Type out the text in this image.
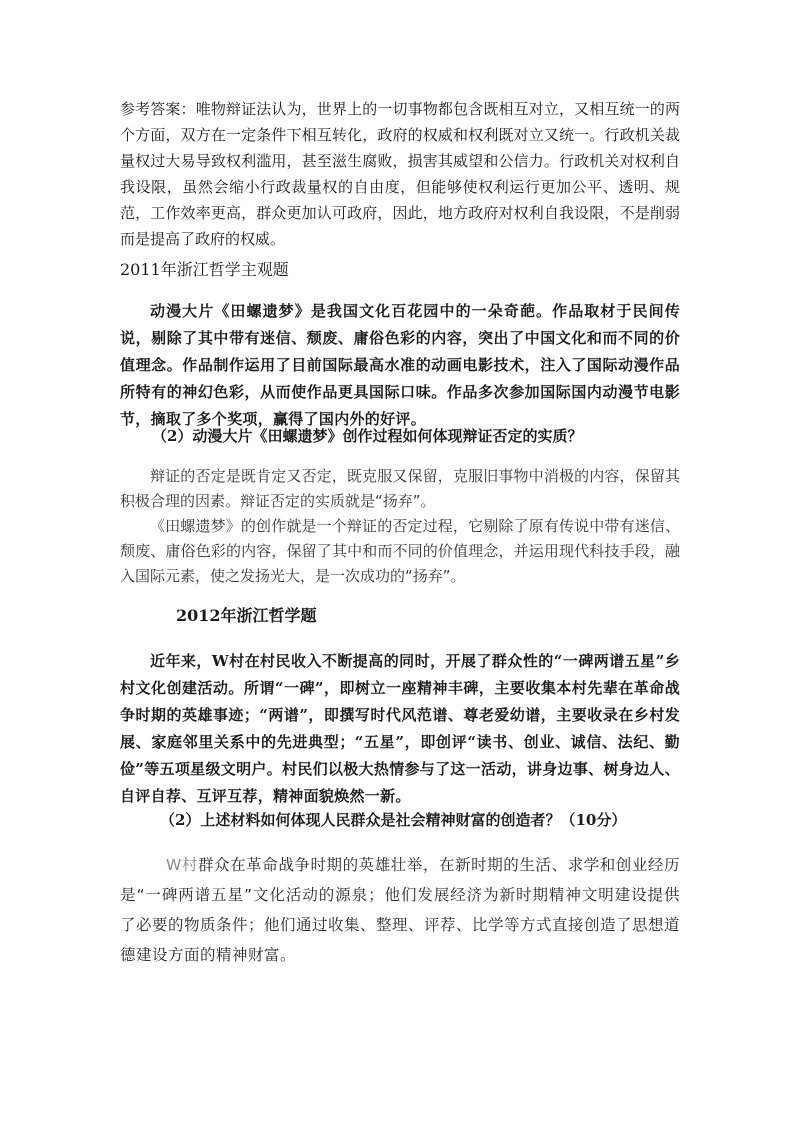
参考答案：唯物辩证法认为，世界上的一切事物都包含既相互对立，又相互统一的两个方面，双方在一定条件下相互转化，政府的权威和权利既对立又统一。行政机关裁量权过大易导致权利滥用，甚至滋生腐败，损害其威望和公信力。行政机关对权利自我设限，虽然会缩小行政裁量权的自由度，但能够使权利运行更加公平、透明、规范，工作效率更高，群众更加认可政府，因此，地方政府对权利自我设限，不是削弱而是提高了政府的权威。

2011年浙江哲学主观题

动漫大片《田螺遗梦》是我国文化百花园中的一朵奇葩。作品取材于民间传说，剔除了其中带有迷信、颓废、庸俗色彩的内容，突出了中国文化和而不同的价值理念。作品制作运用了目前国际最高水准的动画电影技术，注入了国际动漫作品所特有的神幻色彩，从而使作品更具国际口味。作品多次参加国际国内动漫节电影节，摘取了多个奖项，赢得了国内外的好评。

（2）动漫大片《田螺遗梦》创作过程如何体现辩证否定的实质？

辩证的否定是既肯定又否定，既克服又保留，克服旧事物中消极的内容，保留其积极合理的因素。辩证否定的实质就是“扬弃”。

《田螺遗梦》的创作就是一个辩证的否定过程，它剔除了原有传说中带有迷信、颓废、庸俗色彩的内容，保留了其中和而不同的价值理念，并运用现代科技手段，融入国际元素，使之发扬光大，是一次成功的“扬弃”。

2012年浙江哲学题

近年来，W村在村民收入不断提高的同时，开展了群众性的“一碑两谱五星”乡村文化创建活动。所谓“一碑”，即树立一座精神丰碑，主要收集本村先辈在革命战争时期的英雄事迹；“两谱”，即撰写时代风范谱、尊老爱幼谱，主要收录在乡村发展、家庭邻里关系中的先进典型；“五星”，即创评“读书、创业、诚信、法纪、勤俭”等五项星级文明户。村民们以极大热情参与了这一活动，讲身边事、树身边人、自评自荐、互评互荐，精神面貌焕然一新。

（2）上述材料如何体现人民群众是社会精神财富的创造者？（10分）

W村群众在革命战争时期的英雄壮举，在新时期的生活、求学和创业经历是“一碑两谱五星”文化活动的源泉；他们发展经济为新时期精神文明建设提供了必要的物质条件；他们通过收集、整理、评荐、比学等方式直接创造了思想道德建设方面的精神财富。
